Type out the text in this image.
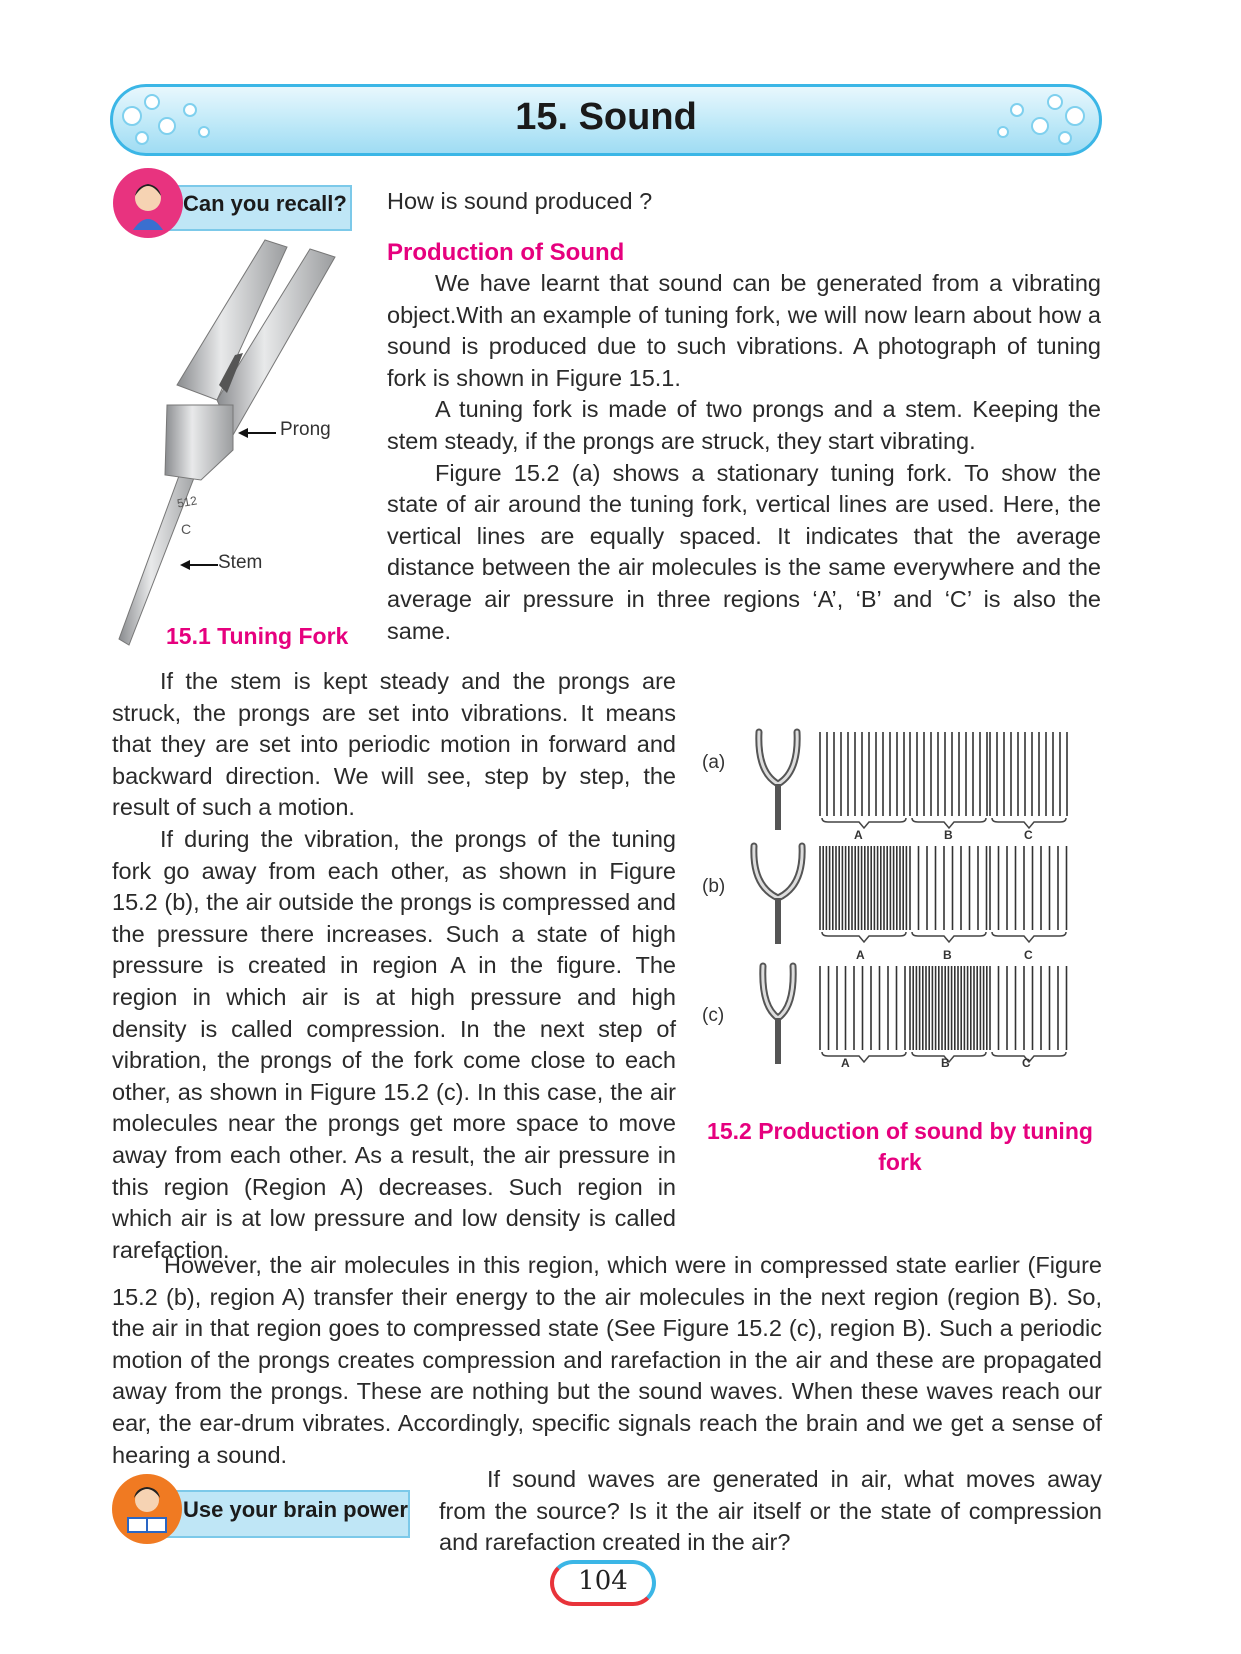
15. Sound
Can you recall? How is sound produced ?
Production of Sound

We have learnt that sound can be generated from a vibrating object.With an example of tuning fork, we will now learn about how a sound is produced due to such vibrations. A photograph of tuning fork is shown in Figure 15.1.

A tuning fork is made of two prongs and a stem. Keeping the stem steady, if the prongs are struck, they start vibrating.

Figure 15.2 (a) shows a stationary tuning fork. To show the state of air around the tuning fork, vertical lines are used. Here, the vertical lines are equally spaced. It indicates that the average distance between the air molecules is the same everywhere and the average air pressure in three regions ‘A’, ‘B’ and ‘C’ is also the same.

512
C
Prong
Stem
15.1 Tuning Fork

If the stem is kept steady and the prongs are struck, the prongs are set into vibrations. It means that they are set into periodic motion in forward and backward direction. We will see, step by step, the result of such a motion.

If during the vibration, the prongs of the tuning fork go away from each other, as shown in Figure 15.2 (b), the air outside the prongs is compressed and the pressure there increases. Such a state of high pressure is created in region A in the figure. The region in which air is at high pressure and high density is called compression. In the next step of vibration, the prongs of the fork come close to each other, as shown in Figure 15.2 (c). In this case, the air molecules near the prongs get more space to move away from each other. As a result, the air pressure in this region (Region A) decreases. Such region in which air is at low pressure and low density is called rarefaction.

(a)
(b)
(c)
A	B	C
A	B	C
A	B	C
15.2 Production of sound by tuning fork

However, the air molecules in this region, which were in compressed state earlier (Figure 15.2 (b), region A) transfer their energy to the air molecules in the next region (region B). So, the air in that region goes to compressed state (See Figure 15.2 (c), region B). Such a periodic motion of the prongs creates compression and rarefaction in the air and these are propagated away from the prongs. These are nothing but the sound waves. When these waves reach our ear, the ear-drum vibrates. Accordingly, specific signals reach the brain and we get a sense of hearing a sound.

Use your brain power

If sound waves are generated in air, what moves away from the source? Is it the air itself or the state of compression and rarefaction created in the air?

104
